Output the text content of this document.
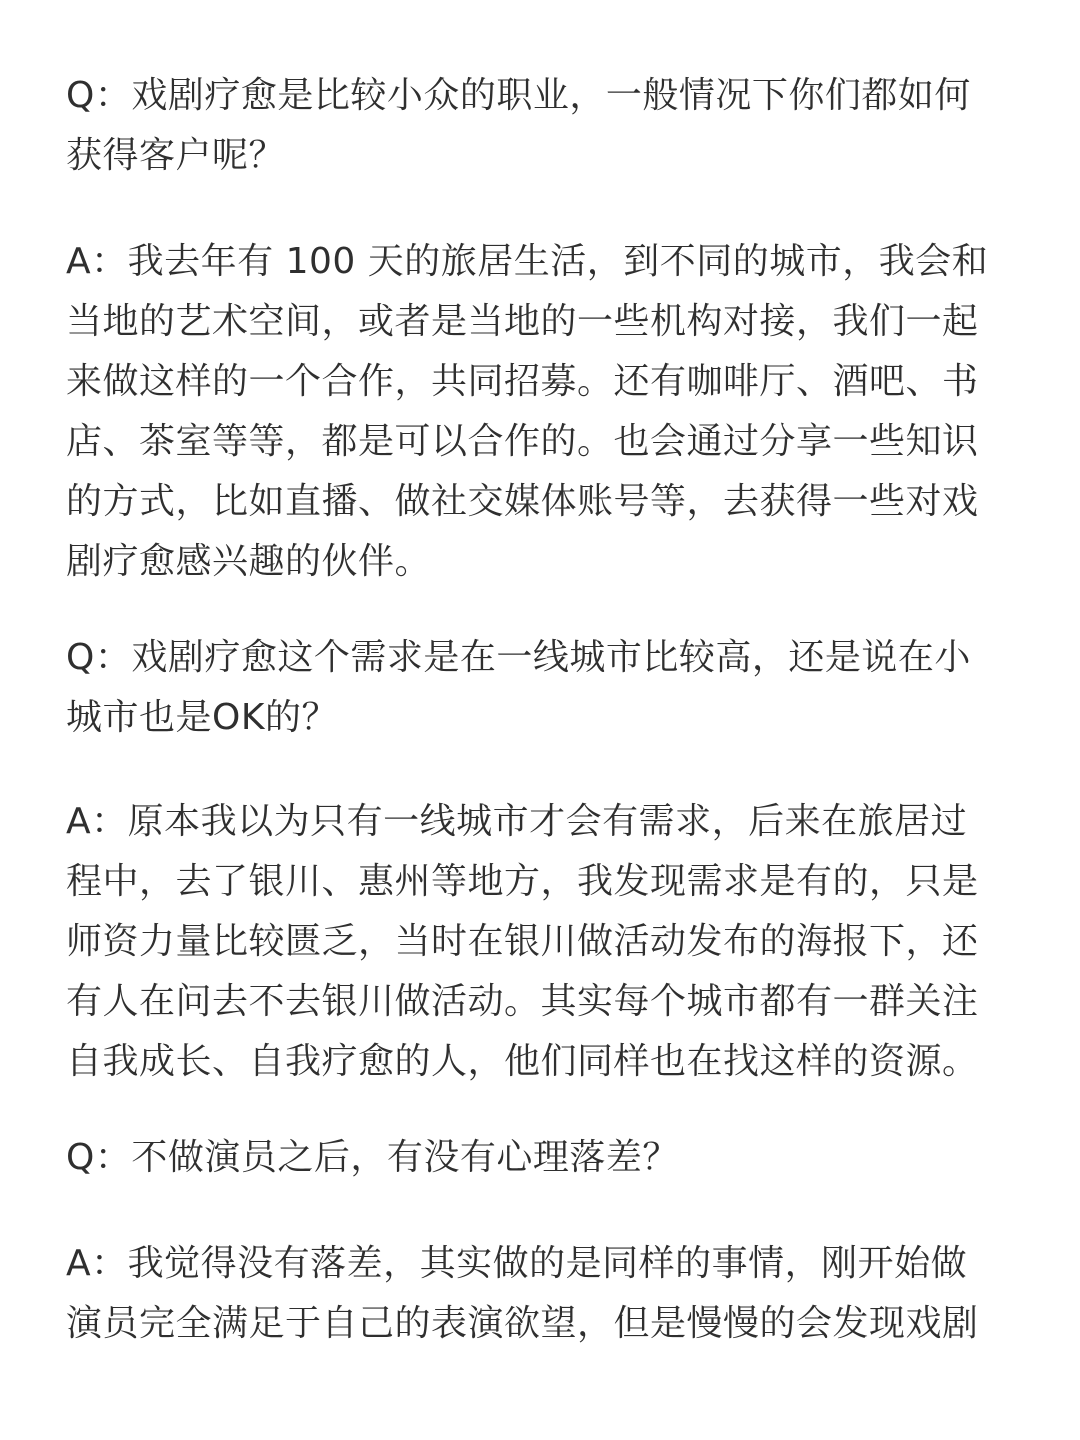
Q：戏剧疗愈是比较小众的职业，一般情况下你们都如何
获得客户呢？
A：我去年有 100 天的旅居生活，到不同的城市，我会和
当地的艺术空间，或者是当地的一些机构对接，我们一起
来做这样的一个合作，共同招募。还有咖啡厅、酒吧、书
店、茶室等等，都是可以合作的。也会通过分享一些知识
的方式，比如直播、做社交媒体账号等，去获得一些对戏
剧疗愈感兴趣的伙伴。
Q：戏剧疗愈这个需求是在一线城市比较高，还是说在小
城市也是OK的？
A：原本我以为只有一线城市才会有需求，后来在旅居过
程中，去了银川、惠州等地方，我发现需求是有的，只是
师资力量比较匮乏，当时在银川做活动发布的海报下，还
有人在问去不去银川做活动。其实每个城市都有一群关注
自我成长、自我疗愈的人，他们同样也在找这样的资源。
Q：不做演员之后，有没有心理落差？
A：我觉得没有落差，其实做的是同样的事情，刚开始做
演员完全满足于自己的表演欲望，但是慢慢的会发现戏剧
